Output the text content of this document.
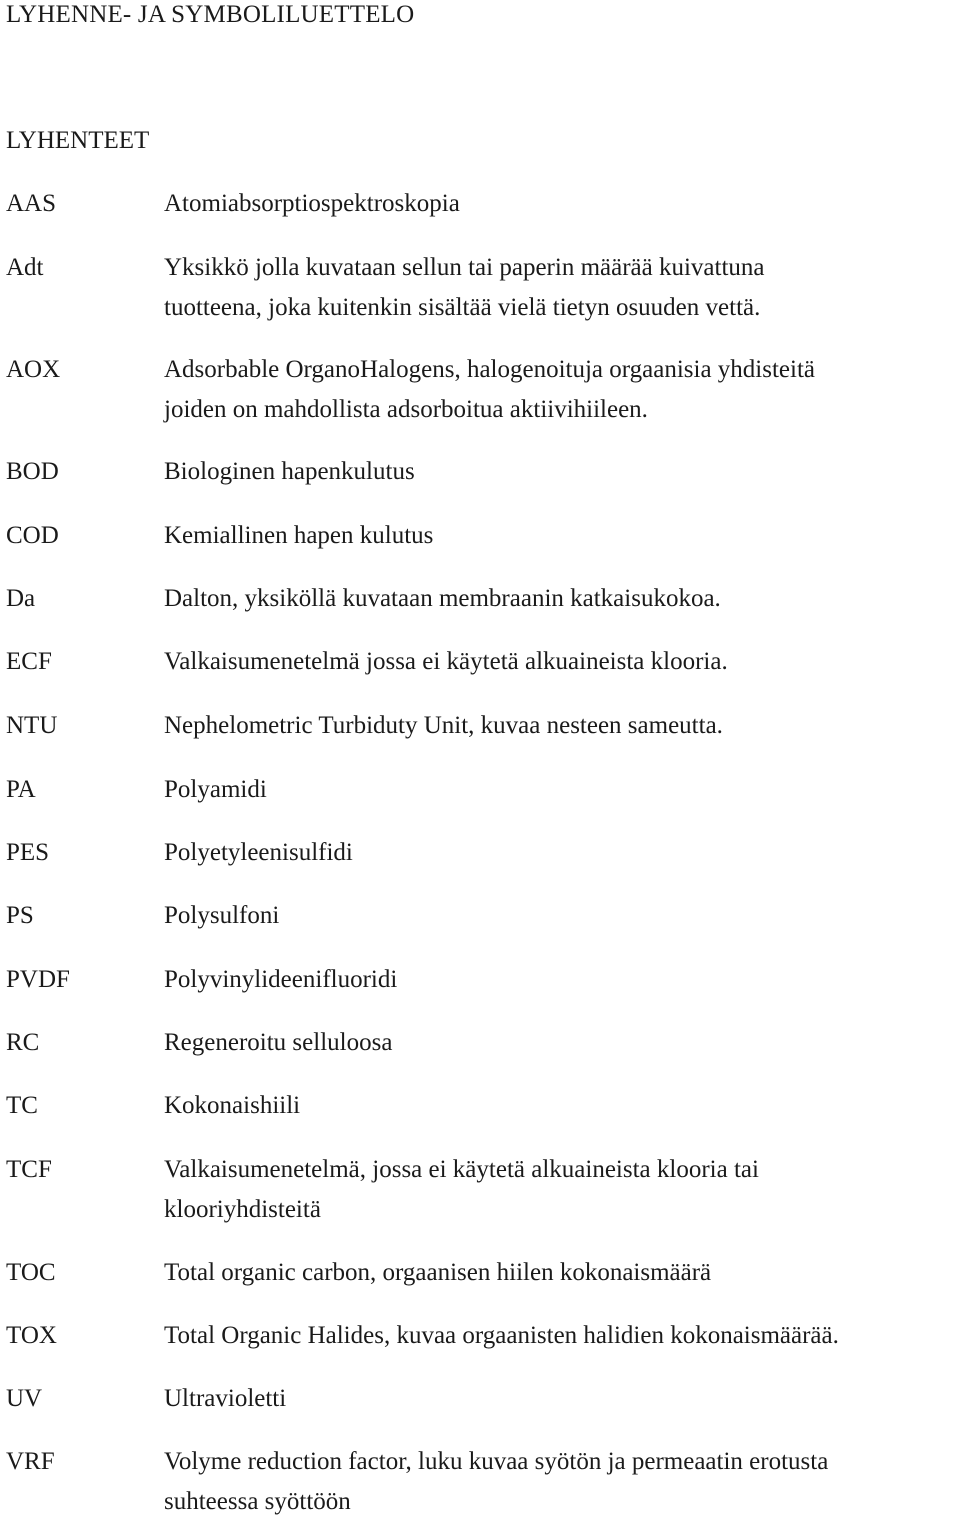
LYHENNE- JA SYMBOLILUETTELO
LYHENTEET
AAS	Atomiabsorptiospektroskopia
Adt	Yksikkö jolla kuvataan sellun tai paperin määrää kuivattuna
tuotteena, joka kuitenkin sisältää vielä tietyn osuuden vettä.
AOX	Adsorbable OrganoHalogens, halogenoituja orgaanisia yhdisteitä
joiden on mahdollista adsorboitua aktiivihiileen.
BOD	Biologinen hapenkulutus
COD	Kemiallinen hapen kulutus
Da	Dalton, yksiköllä kuvataan membraanin katkaisukokoa.
ECF	Valkaisumenetelmä jossa ei käytetä alkuaineista klooria.
NTU	Nephelometric Turbiduty Unit, kuvaa nesteen sameutta.
PA	Polyamidi
PES	Polyetyleenisulfidi
PS	Polysulfoni
PVDF	Polyvinylideenifluoridi
RC	Regeneroitu selluloosa
TC	Kokonaishiili
TCF	Valkaisumenetelmä, jossa ei käytetä alkuaineista klooria tai
klooriyhdisteitä
TOC	Total organic carbon, orgaanisen hiilen kokonaismäärä
TOX	Total Organic Halides, kuvaa orgaanisten halidien kokonaismäärää.
UV	Ultravioletti
VRF	Volyme reduction factor, luku kuvaa syötön ja permeaatin erotusta
suhteessa syöttöön
